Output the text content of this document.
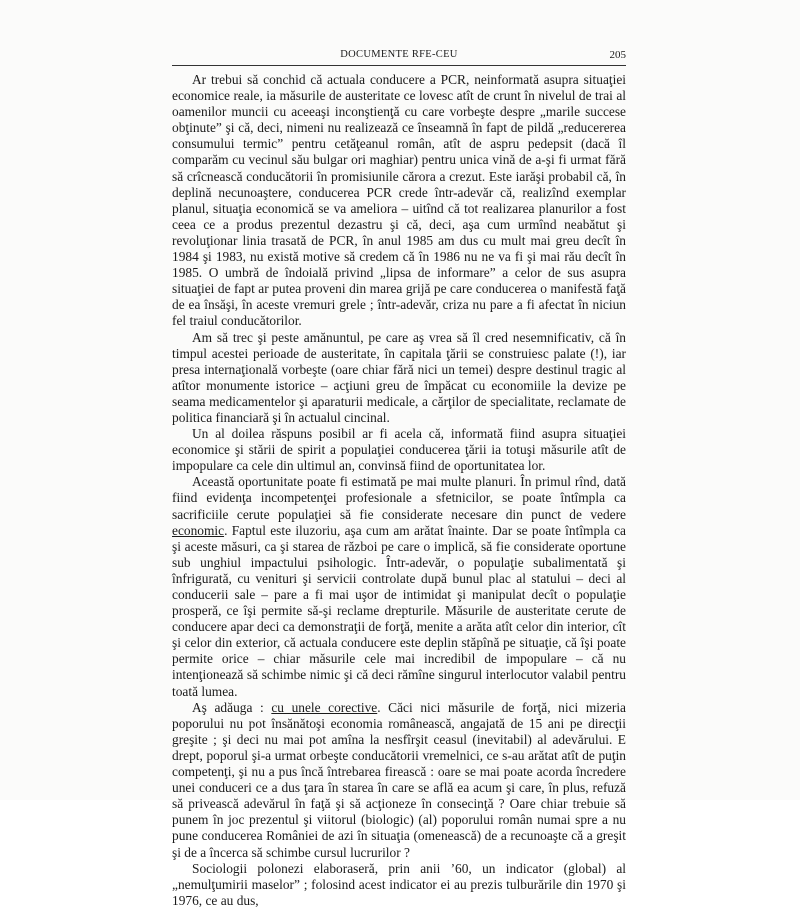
DOCUMENTE RFE-CEU	205

Ar trebui să conchid că actuala conducere a PCR, neinformată asupra situaţiei economice reale, ia măsurile de austeritate ce lovesc atît de crunt în nivelul de trai al oamenilor muncii cu aceeaşi inconştienţă cu care vorbeşte despre „marile succese obţinute” şi că, deci, nimeni nu realizează ce înseamnă în fapt de pildă „reducererea consumului termic” pentru cetăţeanul român, atît de aspru pedepsit (dacă îl comparăm cu vecinul său bulgar ori maghiar) pentru unica vină de a-şi fi urmat fără să crîcnească conducătorii în promisiunile cărora a crezut. Este iarăşi probabil că, în deplină necunoaştere, conducerea PCR crede într-adevăr că, realizînd exemplar planul, situaţia economică se va ameliora – uitînd că tot realizarea planurilor a fost ceea ce a produs prezentul dezastru şi că, deci, aşa cum urmînd neabătut şi revoluţionar linia trasată de PCR, în anul 1985 am dus cu mult mai greu decît în 1984 şi 1983, nu există motive să credem că în 1986 nu ne va fi şi mai rău decît în 1985. O umbră de îndoială privind „lipsa de informare” a celor de sus asupra situaţiei de fapt ar putea proveni din marea grijă pe care conducerea o manifestă faţă de ea însăşi, în aceste vremuri grele ; într-adevăr, criza nu pare a fi afectat în niciun fel traiul conducătorilor.

Am să trec şi peste amănuntul, pe care aş vrea să îl cred nesemnificativ, că în timpul acestei perioade de austeritate, în capitala ţării se construiesc palate (!), iar presa internaţională vorbeşte (oare chiar fără nici un temei) despre destinul tragic al atîtor monumente istorice – acţiuni greu de împăcat cu economiile la devize pe seama medicamentelor şi aparaturii medicale, a cărţilor de specialitate, reclamate de politica financiară şi în actualul cincinal.

Un al doilea răspuns posibil ar fi acela că, informată fiind asupra situaţiei economice şi stării de spirit a populaţiei conducerea ţării ia totuşi măsurile atît de impopulare ca cele din ultimul an, convinsă fiind de oportunitatea lor.

Această oportunitate poate fi estimată pe mai multe planuri. În primul rînd, dată fiind evidenţa incompetenţei profesionale a sfetnicilor, se poate întîmpla ca sacrificiile cerute populaţiei să fie considerate necesare din punct de vedere economic. Faptul este iluzoriu, aşa cum am arătat înainte. Dar se poate întîmpla ca şi aceste măsuri, ca şi starea de război pe care o implică, să fie considerate oportune sub unghiul impactului psihologic. Într-adevăr, o populaţie subalimentată şi înfrigurată, cu venituri şi servicii controlate după bunul plac al statului – deci al conducerii sale – pare a fi mai uşor de intimidat şi manipulat decît o populaţie prosperă, ce îşi permite să-şi reclame drepturile. Măsurile de austeritate cerute de conducere apar deci ca demonstraţii de forţă, menite a arăta atît celor din interior, cît şi celor din exterior, că actuala conducere este deplin stăpînă pe situaţie, că îşi poate permite orice – chiar măsurile cele mai incredibil de impopulare – că nu intenţionează să schimbe nimic şi că deci rămîne singurul interlocutor valabil pentru toată lumea.

Aş adăuga : cu unele corective. Căci nici măsurile de forţă, nici mizeria poporului nu pot însănătoşi economia românească, angajată de 15 ani pe direcţii greşite ; şi deci nu mai pot amîna la nesfîrşit ceasul (inevitabil) al adevărului. E drept, poporul şi-a urmat orbeşte conducătorii vremelnici, ce s-au arătat atît de puţin competenţi, şi nu a pus încă întrebarea firească : oare se mai poate acorda încredere unei conduceri ce a dus ţara în starea în care se află ea acum şi care, în plus, refuză să privească adevărul în faţă şi să acţioneze în consecinţă ? Oare chiar trebuie să punem în joc prezentul şi viitorul (biologic) (al) poporului român numai spre a nu pune conducerea României de azi în situaţia (omenească) de a recunoaşte că a greşit şi de a încerca să schimbe cursul lucrurilor ?

Sociologii polonezi elaboraseră, prin anii ’60, un indicator (global) al „nemulţumirii maselor” ; folosind acest indicator ei au prezis tulburările din 1970 şi 1976, ce au dus,
